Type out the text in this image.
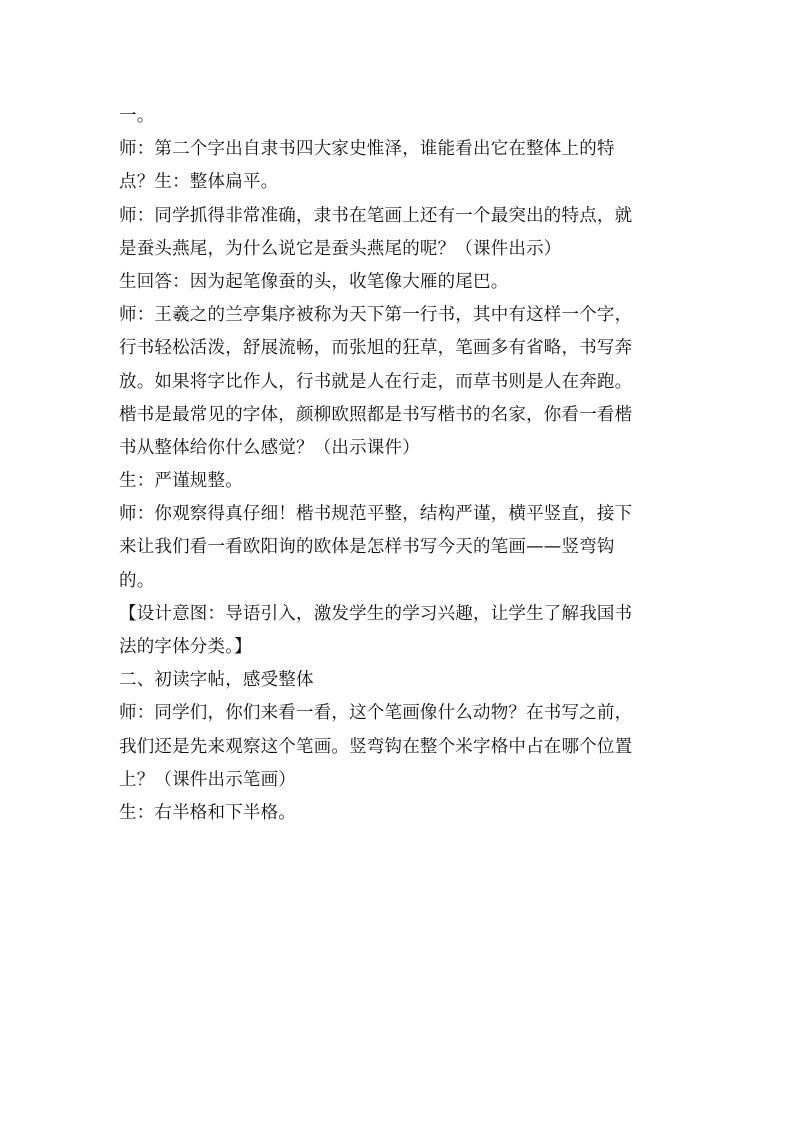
一。
师：第二个字出自隶书四大家史惟泽，谁能看出它在整体上的特
点？生：整体扁平。
师：同学抓得非常准确，隶书在笔画上还有一个最突出的特点，就
是蚕头燕尾，为什么说它是蚕头燕尾的呢？（课件出示）
生回答：因为起笔像蚕的头，收笔像大雁的尾巴。
师：王羲之的兰亭集序被称为天下第一行书，其中有这样一个字，
行书轻松活泼，舒展流畅，而张旭的狂草，笔画多有省略，书写奔
放。如果将字比作人，行书就是人在行走，而草书则是人在奔跑。
楷书是最常见的字体，颜柳欧照都是书写楷书的名家，你看一看楷
书从整体给你什么感觉？（出示课件）
生：严谨规整。
师：你观察得真仔细！楷书规范平整，结构严谨，横平竖直，接下
来让我们看一看欧阳询的欧体是怎样书写今天的笔画——竖弯钩
的。
【设计意图：导语引入，激发学生的学习兴趣，让学生了解我国书
法的字体分类。】
二、初读字帖，感受整体
师：同学们，你们来看一看，这个笔画像什么动物？在书写之前，
我们还是先来观察这个笔画。竖弯钩在整个米字格中占在哪个位置
上？（课件出示笔画）
生：右半格和下半格。
